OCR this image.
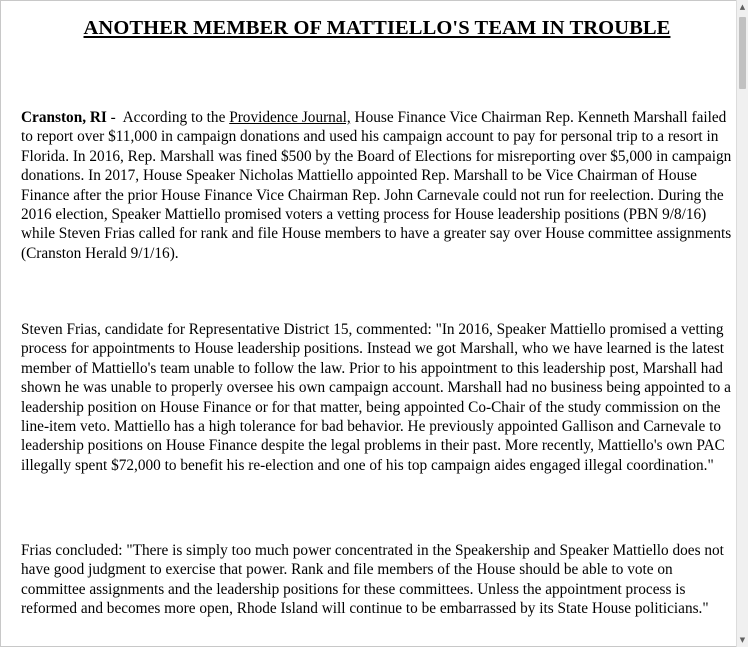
ANOTHER MEMBER OF MATTIELLO'S TEAM IN TROUBLE

Cranston, RI -  According to the Providence Journal, House Finance Vice Chairman Rep. Kenneth Marshall failed to report over $11,000 in campaign donations and used his campaign account to pay for personal trip to a resort in Florida. In 2016, Rep. Marshall was fined $500 by the Board of Elections for misreporting over $5,000 in campaign donations. In 2017, House Speaker Nicholas Mattiello appointed Rep. Marshall to be Vice Chairman of House Finance after the prior House Finance Vice Chairman Rep. John Carnevale could not run for reelection. During the 2016 election, Speaker Mattiello promised voters a vetting process for House leadership positions (PBN 9/8/16) while Steven Frias called for rank and file House members to have a greater say over House committee assignments (Cranston Herald 9/1/16).

Steven Frias, candidate for Representative District 15, commented: "In 2016, Speaker Mattiello promised a vetting process for appointments to House leadership positions. Instead we got Marshall, who we have learned is the latest member of Mattiello's team unable to follow the law. Prior to his appointment to this leadership post, Marshall had shown he was unable to properly oversee his own campaign account. Marshall had no business being appointed to a leadership position on House Finance or for that matter, being appointed Co-Chair of the study commission on the line-item veto. Mattiello has a high tolerance for bad behavior. He previously appointed Gallison and Carnevale to leadership positions on House Finance despite the legal problems in their past. More recently, Mattiello's own PAC illegally spent $72,000 to benefit his re-election and one of his top campaign aides engaged illegal coordination."

Frias concluded: "There is simply too much power concentrated in the Speakership and Speaker Mattiello does not have good judgment to exercise that power. Rank and file members of the House should be able to vote on committee assignments and the leadership positions for these committees. Unless the appointment process is reformed and becomes more open, Rhode Island will continue to be embarrassed by its State House politicians."

▲
▼
